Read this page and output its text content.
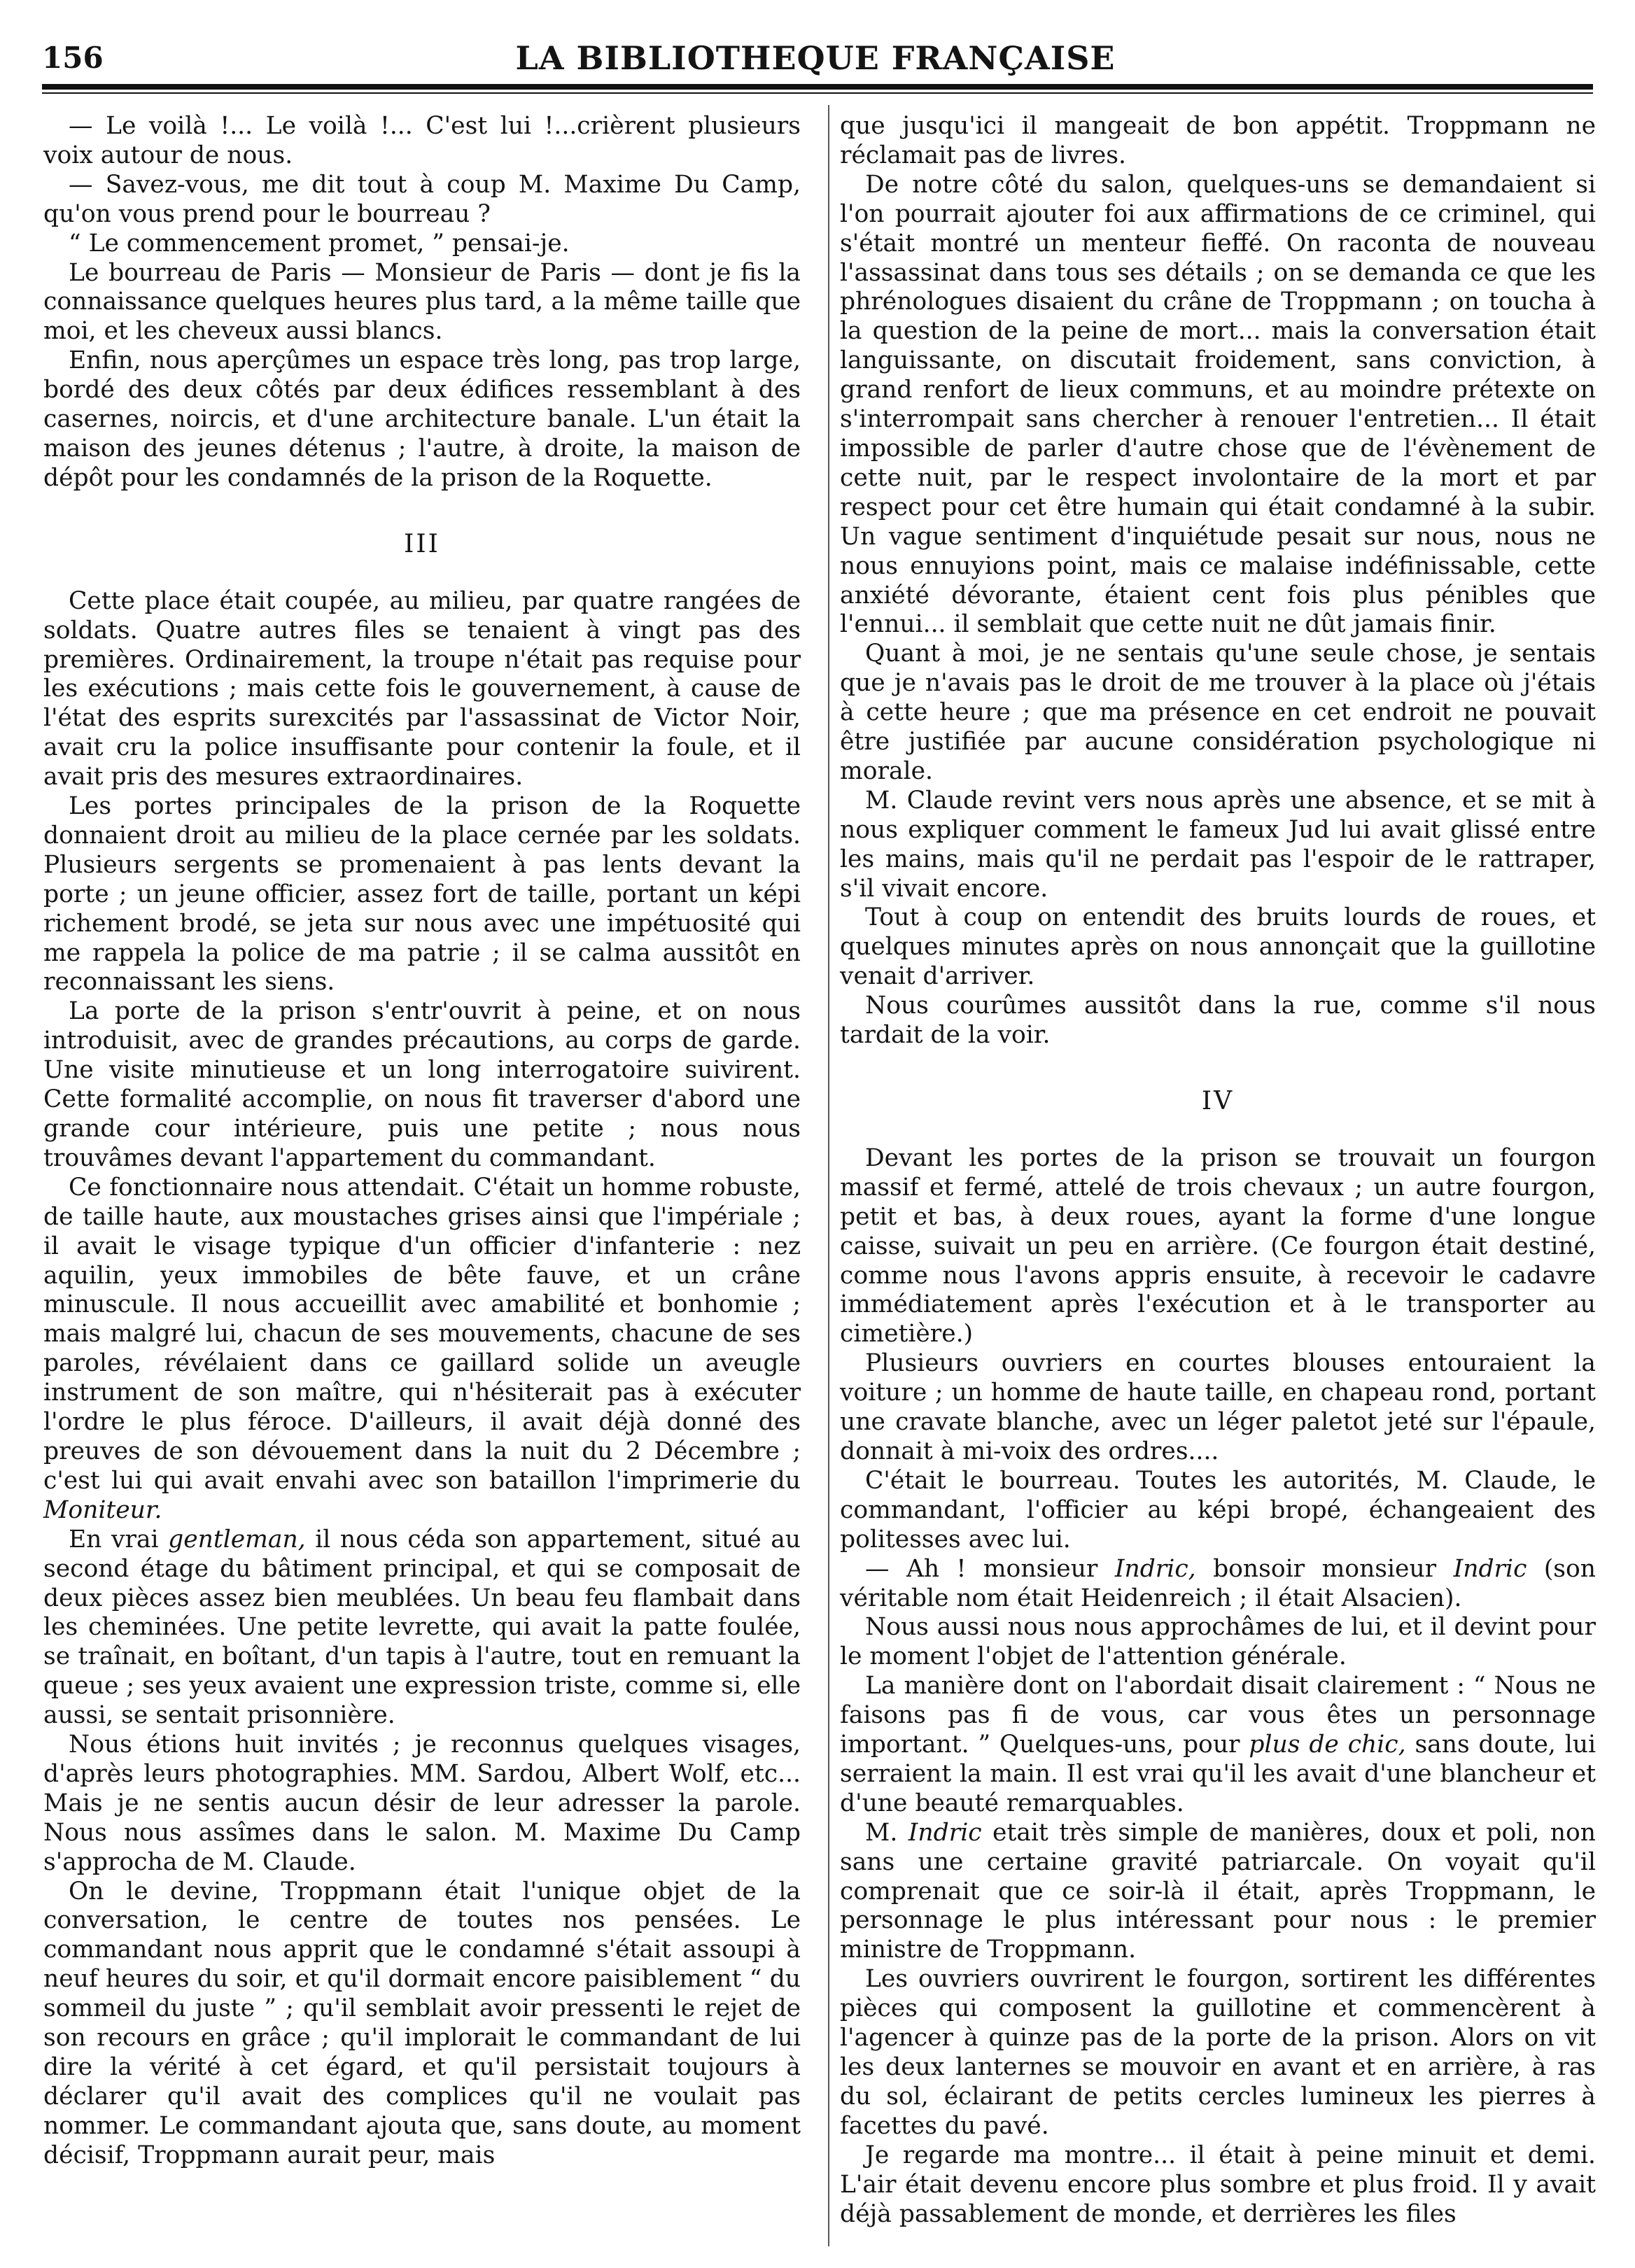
156	LA BIBLIOTHEQUE FRANÇAISE

— Le voilà !... Le voilà !... C'est lui !...crièrent plusieurs voix autour de nous.

— Savez-vous, me dit tout à coup M. Maxime Du Camp, qu'on vous prend pour le bourreau ?

“ Le commencement promet, ” pensai-je.

Le bourreau de Paris — Monsieur de Paris — dont je fis la connaissance quelques heures plus tard, a la même taille que moi, et les cheveux aussi blancs.

Enfin, nous aperçûmes un espace très long, pas trop large, bordé des deux côtés par deux édifices ressemblant à des casernes, noircis, et d'une architecture banale. L'un était la maison des jeunes détenus ; l'autre, à droite, la maison de dépôt pour les condamnés de la prison de la Roquette.

III

Cette place était coupée, au milieu, par quatre rangées de soldats. Quatre autres files se tenaient à vingt pas des premières. Ordinairement, la troupe n'était pas requise pour les exécutions ; mais cette fois le gouvernement, à cause de l'état des esprits surexcités par l'assassinat de Victor Noir, avait cru la police insuffisante pour contenir la foule, et il avait pris des mesures extraordinaires.

Les portes principales de la prison de la Roquette donnaient droit au milieu de la place cernée par les soldats. Plusieurs sergents se promenaient à pas lents devant la porte ; un jeune officier, assez fort de taille, portant un képi richement brodé, se jeta sur nous avec une impétuosité qui me rappela la police de ma patrie ; il se calma aussitôt en reconnaissant les siens.

La porte de la prison s'entr'ouvrit à peine, et on nous introduisit, avec de grandes précautions, au corps de garde. Une visite minutieuse et un long interrogatoire suivirent. Cette formalité accomplie, on nous fit traverser d'abord une grande cour intérieure, puis une petite ; nous nous trouvâmes devant l'appartement du commandant.

Ce fonctionnaire nous attendait. C'était un homme robuste, de taille haute, aux moustaches grises ainsi que l'impériale ; il avait le visage typique d'un officier d'infanterie : nez aquilin, yeux immobiles de bête fauve, et un crâne minuscule. Il nous accueillit avec amabilité et bonhomie ; mais malgré lui, chacun de ses mouvements, chacune de ses paroles, révélaient dans ce gaillard solide un aveugle instrument de son maître, qui n'hésiterait pas à exécuter l'ordre le plus féroce. D'ailleurs, il avait déjà donné des preuves de son dévouement dans la nuit du 2 Décembre ; c'est lui qui avait envahi avec son bataillon l'imprimerie du Moniteur.

En vrai gentleman, il nous céda son appartement, situé au second étage du bâtiment principal, et qui se composait de deux pièces assez bien meublées. Un beau feu flambait dans les cheminées. Une petite levrette, qui avait la patte foulée, se traînait, en boîtant, d'un tapis à l'autre, tout en remuant la queue ; ses yeux avaient une expression triste, comme si, elle aussi, se sentait prisonnière.

Nous étions huit invités ; je reconnus quelques visages, d'après leurs photographies. MM. Sardou, Albert Wolf, etc... Mais je ne sentis aucun désir de leur adresser la parole. Nous nous assîmes dans le salon. M. Maxime Du Camp s'approcha de M. Claude.

On le devine, Troppmann était l'unique objet de la conversation, le centre de toutes nos pensées. Le commandant nous apprit que le condamné s'était assoupi à neuf heures du soir, et qu'il dormait encore paisiblement “ du sommeil du juste ” ; qu'il semblait avoir pressenti le rejet de son recours en grâce ; qu'il implorait le commandant de lui dire la vérité à cet égard, et qu'il persistait toujours à déclarer qu'il avait des complices qu'il ne voulait pas nommer. Le commandant ajouta que, sans doute, au moment décisif, Troppmann aurait peur, mais

que jusqu'ici il mangeait de bon appétit. Troppmann ne réclamait pas de livres.

De notre côté du salon, quelques-uns se demandaient si l'on pourrait ajouter foi aux affirmations de ce criminel, qui s'était montré un menteur fieffé. On raconta de nouveau l'assassinat dans tous ses détails ; on se demanda ce que les phrénologues disaient du crâne de Troppmann ; on toucha à la question de la peine de mort... mais la conversation était languissante, on discutait froidement, sans conviction, à grand renfort de lieux communs, et au moindre prétexte on s'interrompait sans chercher à renouer l'entretien... Il était impossible de parler d'autre chose que de l'évènement de cette nuit, par le respect involontaire de la mort et par respect pour cet être humain qui était condamné à la subir. Un vague sentiment d'inquiétude pesait sur nous, nous ne nous ennuyions point, mais ce malaise indéfinissable, cette anxiété dévorante, étaient cent fois plus pénibles que l'ennui... il semblait que cette nuit ne dût jamais finir.

Quant à moi, je ne sentais qu'une seule chose, je sentais que je n'avais pas le droit de me trouver à la place où j'étais à cette heure ; que ma présence en cet endroit ne pouvait être justifiée par aucune considération psychologique ni morale.

M. Claude revint vers nous après une absence, et se mit à nous expliquer comment le fameux Jud lui avait glissé entre les mains, mais qu'il ne perdait pas l'espoir de le rattraper, s'il vivait encore.

Tout à coup on entendit des bruits lourds de roues, et quelques minutes après on nous annonçait que la guillotine venait d'arriver.

Nous courûmes aussitôt dans la rue, comme s'il nous tardait de la voir.

IV

Devant les portes de la prison se trouvait un fourgon massif et fermé, attelé de trois chevaux ; un autre fourgon, petit et bas, à deux roues, ayant la forme d'une longue caisse, suivait un peu en arrière. (Ce fourgon était destiné, comme nous l'avons appris ensuite, à recevoir le cadavre immédiatement après l'exécution et à le transporter au cimetière.)

Plusieurs ouvriers en courtes blouses entouraient la voiture ; un homme de haute taille, en chapeau rond, portant une cravate blanche, avec un léger paletot jeté sur l'épaule, donnait à mi-voix des ordres....

C'était le bourreau. Toutes les autorités, M. Claude, le commandant, l'officier au képi bropé, échangeaient des politesses avec lui.

— Ah ! monsieur Indric, bonsoir monsieur Indric (son véritable nom était Heidenreich ; il était Alsacien).

Nous aussi nous nous approchâmes de lui, et il devint pour le moment l'objet de l'attention générale.

La manière dont on l'abordait disait clairement : “ Nous ne faisons pas fi de vous, car vous êtes un personnage important. ” Quelques-uns, pour plus de chic, sans doute, lui serraient la main. Il est vrai qu'il les avait d'une blancheur et d'une beauté remarquables.

M. Indric etait très simple de manières, doux et poli, non sans une certaine gravité patriarcale. On voyait qu'il comprenait que ce soir-là il était, après Troppmann, le personnage le plus intéressant pour nous : le premier ministre de Troppmann.

Les ouvriers ouvrirent le fourgon, sortirent les différentes pièces qui composent la guillotine et commencèrent à l'agencer à quinze pas de la porte de la prison. Alors on vit les deux lanternes se mouvoir en avant et en arrière, à ras du sol, éclairant de petits cercles lumineux les pierres à facettes du pavé.

Je regarde ma montre... il était à peine minuit et demi. L'air était devenu encore plus sombre et plus froid. Il y avait déjà passablement de monde, et derrières les files
